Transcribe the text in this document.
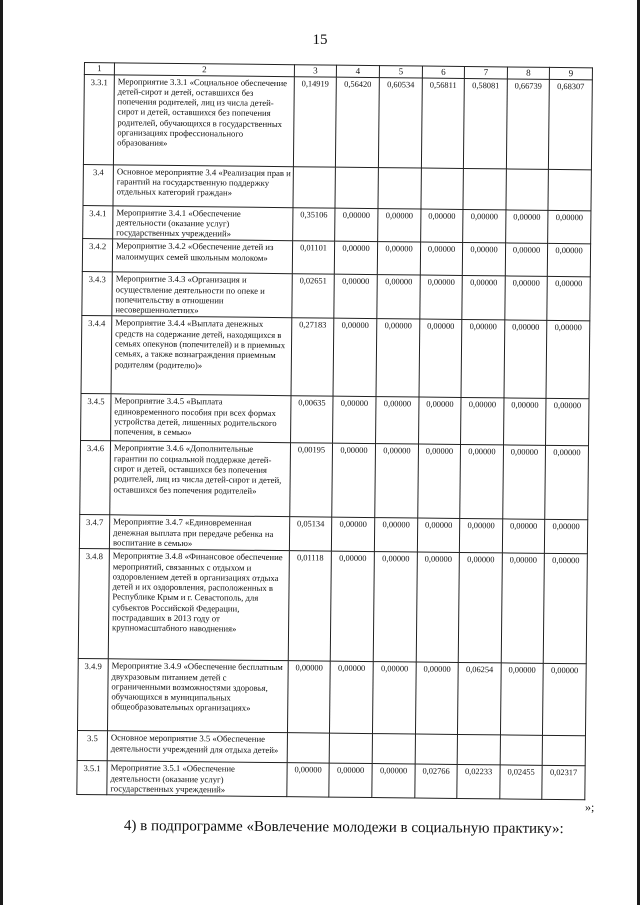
15
1	2	3	4	5	6	7	8	9
3.3.1	Мероприятие 3.3.1 «Социальное обеспечение детей-сирот и детей, оставшихся без попечения родителей, лиц из числа детей-сирот и детей, оставшихся без попечения родителей, обучающихся в государственных организациях профессионального образования»	0,14919	0,56420	0,60534	0,56811	0,58081	0,66739	0,68307
3.4	Основное мероприятие 3.4 «Реализация прав и гарантий на государственную поддержку отдельных категорий граждан»							
3.4.1	Мероприятие 3.4.1 «Обеспечение деятельности (оказание услуг) государственных учреждений»	0,35106	0,00000	0,00000	0,00000	0,00000	0,00000	0,00000
3.4.2	Мероприятие 3.4.2 «Обеспечение детей из малоимущих семей школьным молоком»	0,01101	0,00000	0,00000	0,00000	0,00000	0,00000	0,00000
3.4.3	Мероприятие 3.4.3 «Организация и осуществление деятельности по опеке и попечительству в отношении несовершеннолетних»	0,02651	0,00000	0,00000	0,00000	0,00000	0,00000	0,00000
3.4.4	Мероприятие 3.4.4 «Выплата денежных средств на содержание детей, находящихся в семьях опекунов (попечителей) и в приемных семьях, а также вознаграждения приемным родителям (родителю)»	0,27183	0,00000	0,00000	0,00000	0,00000	0,00000	0,00000
3.4.5	Мероприятие 3.4.5 «Выплата единовременного пособия при всех формах устройства детей, лишенных родительского попечения, в семью»	0,00635	0,00000	0,00000	0,00000	0,00000	0,00000	0,00000
3.4.6	Мероприятие 3.4.6 «Дополнительные гарантии по социальной поддержке детей-сирот и детей, оставшихся без попечения родителей, лиц из числа детей-сирот и детей, оставшихся без попечения родителей»	0,00195	0,00000	0,00000	0,00000	0,00000	0,00000	0,00000
3.4.7	Мероприятие 3.4.7 «Единовременная денежная выплата при передаче ребенка на воспитание в семью»	0,05134	0,00000	0,00000	0,00000	0,00000	0,00000	0,00000
3.4.8	Мероприятие 3.4.8 «Финансовое обеспечение мероприятий, связанных с отдыхом и оздоровлением детей в организациях отдыха детей и их оздоровления, расположенных в Республике Крым и г. Севастополь, для субъектов Российской Федерации, пострадавших в 2013 году от крупномасштабного наводнения»	0,01118	0,00000	0,00000	0,00000	0,00000	0,00000	0,00000
3.4.9	Мероприятие 3.4.9 «Обеспечение бесплатным двухразовым питанием детей с ограниченными возможностями здоровья, обучающихся в муниципальных общеобразовательных организациях»	0,00000	0,00000	0,00000	0,00000	0,06254	0,00000	0,00000
3.5	Основное мероприятие 3.5 «Обеспечение деятельности учреждений для отдыха детей»							
3.5.1	Мероприятие 3.5.1 «Обеспечение деятельности (оказание услуг) государственных учреждений»	0,00000	0,00000	0,00000	0,02766	0,02233	0,02455	0,02317
»;
4) в подпрограмме «Вовлечение молодежи в социальную практику»:
